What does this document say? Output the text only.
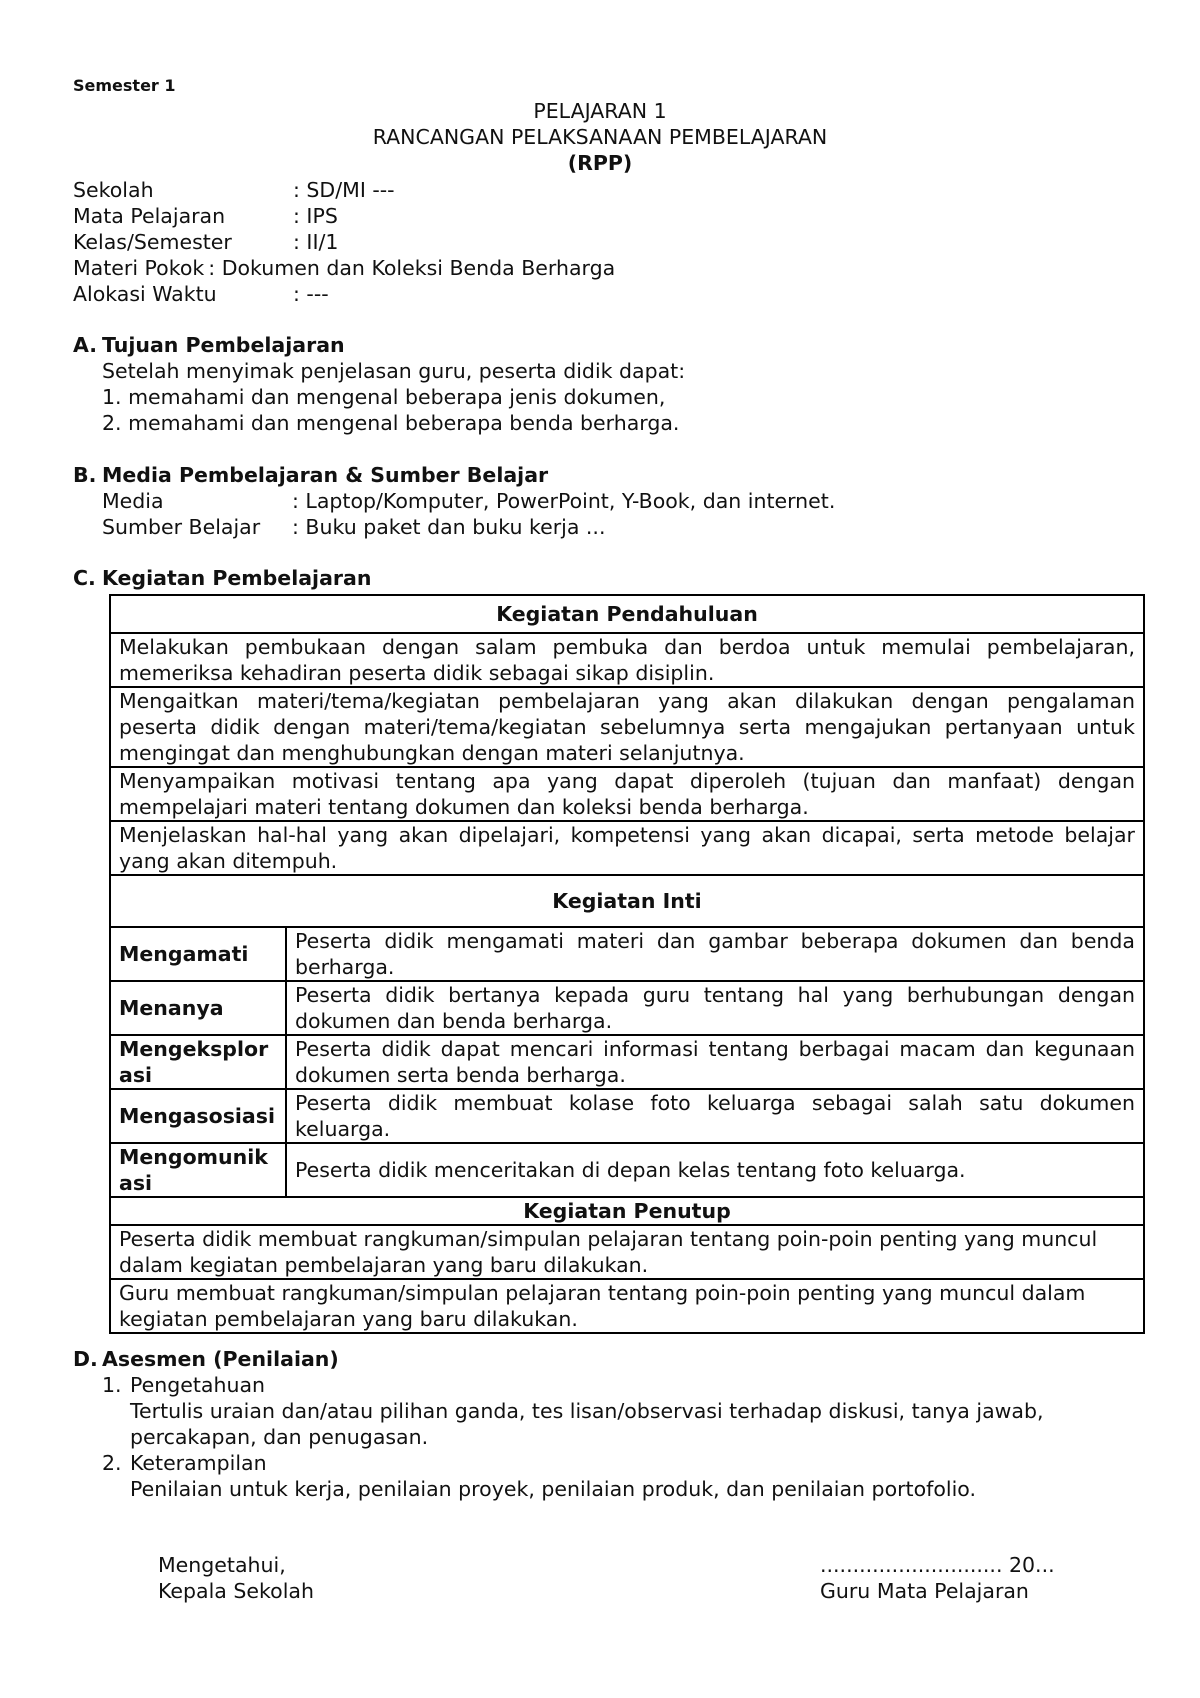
Semester 1
PELAJARAN 1
RANCANGAN PELAKSANAAN PEMBELAJARAN
(RPP)
Sekolah	: SD/MI ---
Mata Pelajaran	: IPS
Kelas/Semester	: II/1
Materi Pokok : Dokumen dan Koleksi Benda Berharga
Alokasi Waktu	: ---
A. Tujuan Pembelajaran
Setelah menyimak penjelasan guru, peserta didik dapat:
1. memahami dan mengenal beberapa jenis dokumen,
2. memahami dan mengenal beberapa benda berharga.
B. Media Pembelajaran & Sumber Belajar
Media	: Laptop/Komputer, PowerPoint, Y-Book, dan internet.
Sumber Belajar	: Buku paket dan buku kerja ...
C. Kegiatan Pembelajaran
Kegiatan Pendahuluan	
Melakukan pembukaan dengan salam pembuka dan berdoa untuk memulai pembelajaran, memeriksa kehadiran peserta didik sebagai sikap disiplin.	
Mengaitkan materi/tema/kegiatan pembelajaran yang akan dilakukan dengan pengalaman peserta didik dengan materi/tema/kegiatan sebelumnya serta mengajukan pertanyaan untuk mengingat dan menghubungkan dengan materi selanjutnya.	
Menyampaikan motivasi tentang apa yang dapat diperoleh (tujuan dan manfaat) dengan mempelajari materi tentang dokumen dan koleksi benda berharga.	
Menjelaskan hal-hal yang akan dipelajari, kompetensi yang akan dicapai, serta metode belajar yang akan ditempuh.	
Kegiatan Inti	
Mengamati	Peserta didik mengamati materi dan gambar beberapa dokumen dan benda berharga.
Menanya	Peserta didik bertanya kepada guru tentang hal yang berhubungan dengan dokumen dan benda berharga.
Mengeksplorasi	Peserta didik dapat mencari informasi tentang berbagai macam dan kegunaan dokumen serta benda berharga.
Mengasosiasi	Peserta didik membuat kolase foto keluarga sebagai salah satu dokumen keluarga.
Mengomunikasi	Peserta didik menceritakan di depan kelas tentang foto keluarga.
Kegiatan Penutup	
Peserta didik membuat rangkuman/simpulan pelajaran tentang poin-poin penting yang muncul dalam kegiatan pembelajaran yang baru dilakukan.	
Guru membuat rangkuman/simpulan pelajaran tentang poin-poin penting yang muncul dalam kegiatan pembelajaran yang baru dilakukan.	
D. Asesmen (Penilaian)
1. Pengetahuan
Tertulis uraian dan/atau pilihan ganda, tes lisan/observasi terhadap diskusi, tanya jawab, percakapan, dan penugasan.
2. Keterampilan
Penilaian untuk kerja, penilaian proyek, penilaian produk, dan penilaian portofolio.
Mengetahui,
Kepala Sekolah
............................ 20...
Guru Mata Pelajaran
